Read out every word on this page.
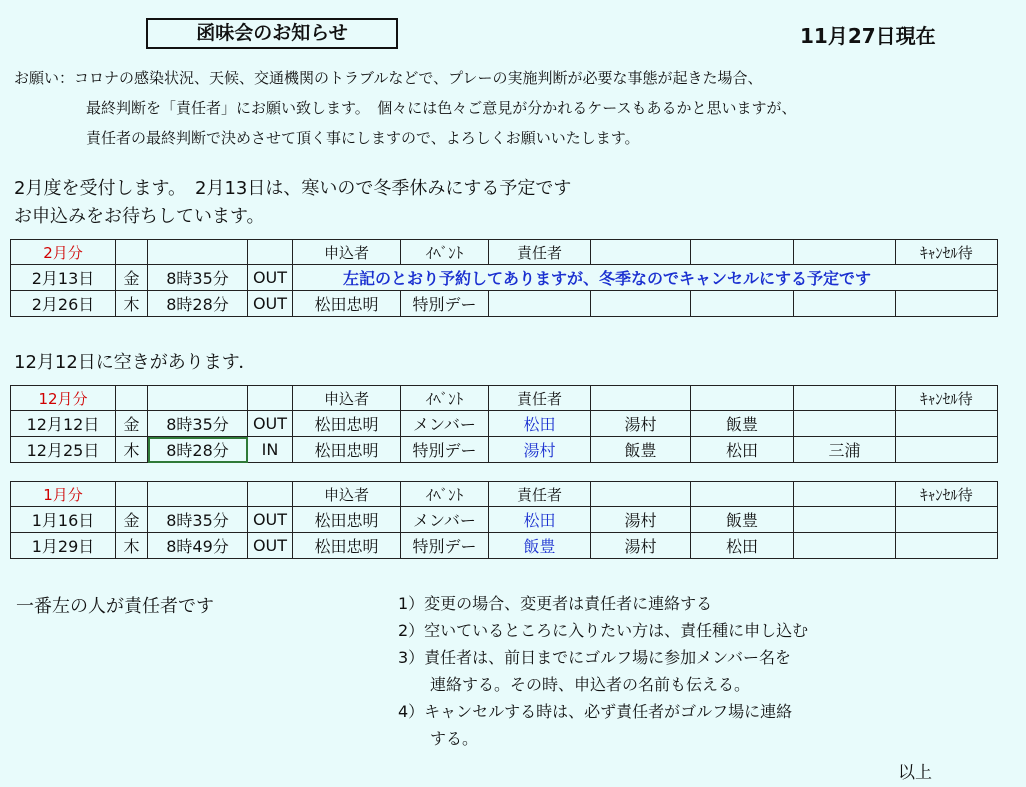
函味会のお知らせ	11月27日現在
お願い：コロナの感染状況、天候、交通機関のトラブルなどで、プレーの実施判断が必要な事態が起きた場合、
最終判断を「責任者」にお願い致します。　個々には色々ご意見が分かれるケースもあるかと思いますが、
責任者の最終判断で決めさせて頂く事にしますので、よろしくお願いいたします。
2月度を受付します。　2月13日は、寒いので冬季休みにする予定です
お申込みをお待ちしています。
2月分				申込者	ｲﾍﾞﾝﾄ	責任者				ｷｬﾝｾﾙ待
2月13日	金	8時35分	OUT	左記のとおり予約してありますが、冬季なのでキャンセルにする予定です						
2月26日	木	8時28分	OUT	松田忠明	特別デー					
12月12日に空きがあります．
12月分				申込者	ｲﾍﾞﾝﾄ	責任者				ｷｬﾝｾﾙ待
12月12日	金	8時35分	OUT	松田忠明	メンバー	松田	湯村	飯豊		
12月25日	木	8時28分	IN	松田忠明	特別デー	湯村	飯豊	松田	三浦	
1月分				申込者	ｲﾍﾞﾝﾄ	責任者				ｷｬﾝｾﾙ待
1月16日	金	8時35分	OUT	松田忠明	メンバー	松田	湯村	飯豊		
1月29日	木	8時49分	OUT	松田忠明	特別デー	飯豊	湯村	松田		
一番左の人が責任者です	1）変更の場合、変更者は責任者に連絡する
2）空いているところに入りたい方は、責任種に申し込む
3）責任者は、前日までにゴルフ場に参加メンバー名を
　　連絡する。その時、申込者の名前も伝える。
4）キャンセルする時は、必ず責任者がゴルフ場に連絡
　　する。
以上
